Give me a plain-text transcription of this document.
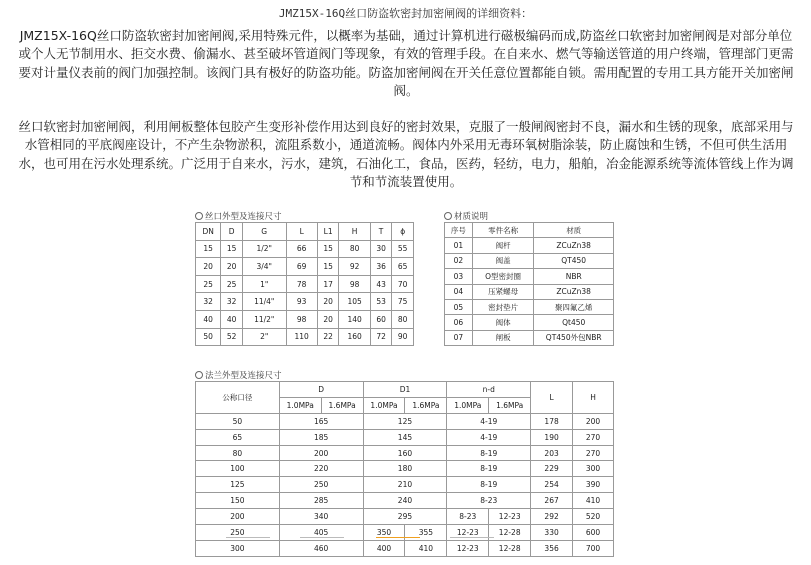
JMZ15X-16Q丝口防盗软密封加密闸阀的详细资料：
JMZ15X-16Q丝口防盗软密封加密闸阀,采用特殊元件，以概率为基础，通过计算机进行磁极编码而成,防盗丝口软密封加密闸阀是对部分单位或个人无节制用水、拒交水费、偷漏水、甚至破坏管道阀门等现象，有效的管理手段。在自来水、燃气等输送管道的用户终端，管理部门更需要对计量仪表前的阀门加强控制。该阀门具有极好的防盗功能。防盗加密闸阀在开关任意位置都能自锁。需用配置的专用工具方能开关加密闸阀。
丝口软密封加密闸阀，利用闸板整体包胶产生变形补偿作用达到良好的密封效果，克服了一般闸阀密封不良，漏水和生锈的现象，底部采用与水管相同的平底阀座设计，不产生杂物淤积，流阻系数小，通道流畅。阀体内外采用无毒环氧树脂涂装，防止腐蚀和生锈，不但可供生活用水，也可用在污水处理系统。广泛用于自来水，污水，建筑，石油化工，食品，医药，轻纺，电力，船舶，冶金能源系统等流体管线上作为调节和节流装置使用。
丝口外型及连接尺寸
DN	D	G	L	L1	H	T	ϕ
15	15	1/2"	66	15	80	30	55
20	20	3/4"	69	15	92	36	65
25	25	1"	78	17	98	43	70
32	32	11/4"	93	20	105	53	75
40	40	11/2"	98	20	140	60	80
50	52	2"	110	22	160	72	90
材质说明
序号	零件名称	材质
01	阀杆	ZCuZn38
02	阀盖	QT450
03	O型密封圈	NBR
04	压紧螺母	ZCuZn38
05	密封垫片	聚四氟乙烯
06	阀体	Qt450
07	闸板	QT450外包NBR
法兰外型及连接尺寸
公称口径	D		D1		n-d		L	H
	1.0MPa	1.6MPa	1.0MPa	1.6MPa	1.0MPa	1.6MPa		
50	165		125		4-19		178	200
65	185		145		4-19		190	270
80	200		160		8-19		203	270
100	220		180		8-19		229	300
125	250		210		8-19		254	390
150	285		240		8-23		267	410
200	340		295		8-23	12-23	292	520
250	405		350	355	12-23	12-28	330	600
300	460		400	410	12-23	12-28	356	700
